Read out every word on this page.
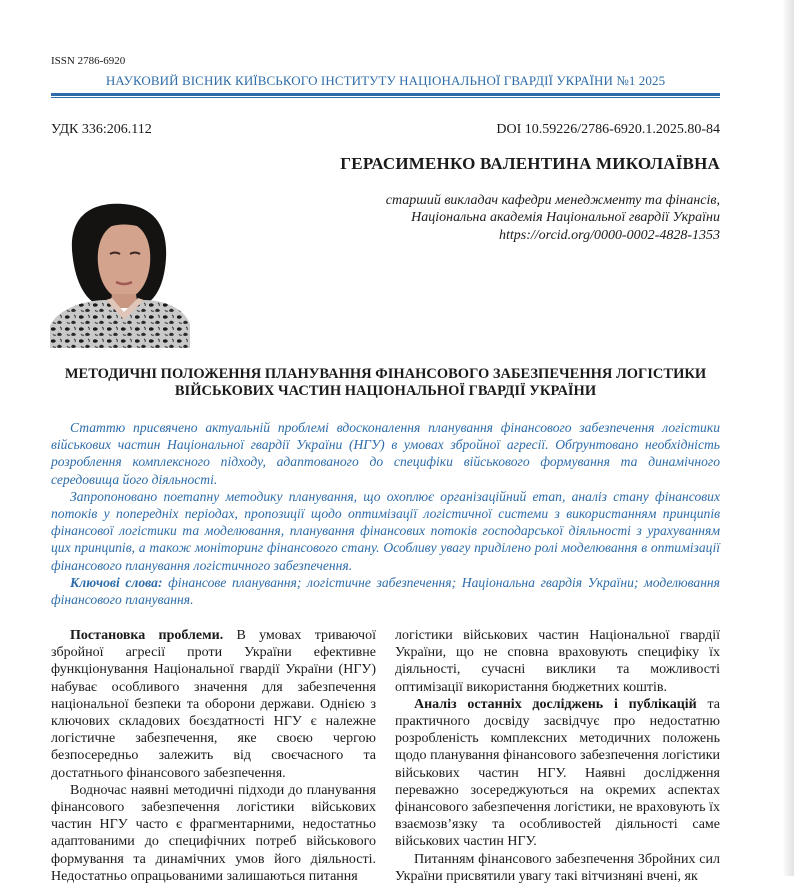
ISSN 2786-6920
НАУКОВИЙ ВІСНИК КИЇВСЬКОГО ІНСТИТУТУ НАЦІОНАЛЬНОЇ ГВАРДІЇ УКРАЇНИ №1 2025
УДК 336:206.112	DOI 10.59226/2786-6920.1.2025.80-84
ГЕРАСИМЕНКО ВАЛЕНТИНА МИКОЛАЇВНА
старший викладач кафедри менеджменту та фінансів,
Національна академія Національної гвардії України
https://orcid.org/0000-0002-4828-1353
МЕТОДИЧНІ ПОЛОЖЕННЯ ПЛАНУВАННЯ ФІНАНСОВОГО ЗАБЕЗПЕЧЕННЯ ЛОГІСТИКИ
ВІЙСЬКОВИХ ЧАСТИН НАЦІОНАЛЬНОЇ ГВАРДІЇ УКРАЇНИ

Статтю присвячено актуальній проблемі вдосконалення планування фінансового забезпечення логістики військових частин Національної гвардії України (НГУ) в умовах збройної агресії. Обґрунтовано необхідність розроблення комплексного підходу, адаптованого до специфіки військового формування та динамічного середовища його діяльності.

Запропоновано поетапну методику планування, що охоплює організаційний етап, аналіз стану фінансових потоків у попередніх періодах, пропозиції щодо оптимізації логістичної системи з використанням принципів фінансової логістики та моделювання, планування фінансових потоків господарської діяльності з урахуванням цих принципів, а також моніторинг фінансового стану. Особливу увагу приділено ролі моделювання в оптимізації фінансового планування логістичного забезпечення.

Ключові слова: фінансове планування; логістичне забезпечення; Національна гвардія України; моделювання фінансового планування.

Постановка проблеми. В умовах триваючої збройної агресії проти України ефективне функціонування Національної гвардії України (НГУ) набуває особливого значення для забезпечення національної безпеки та оборони держави. Однією з ключових складових боєздатності НГУ є належне логістичне забезпечення, яке своєю чергою безпосередньо залежить від своєчасного та достатнього фінансового забезпечення.

Водночас наявні методичні підходи до планування фінансового забезпечення логістики військових частин НГУ часто є фрагментарними, недостатньо адаптованими до специфічних потреб військового формування та динамічних умов його діяльності. Недостатньо опрацьованими залишаються питання

логістики військових частин Національної гвардії України, що не сповна враховують специфіку їх діяльності, сучасні виклики та можливості оптимізації використання бюджетних коштів.

Аналіз останніх досліджень і публікацій та практичного досвіду засвідчує про недостатню розробленість комплексних методичних положень щодо планування фінансового забезпечення логістики військових частин НГУ. Наявні дослідження переважно зосереджуються на окремих аспектах фінансового забезпечення логістики, не враховують їх взаємозв’язку та особливостей діяльності саме військових частин НГУ.

Питанням фінансового забезпечення Збройних сил України присвятили увагу такі вітчизняні вчені, як
